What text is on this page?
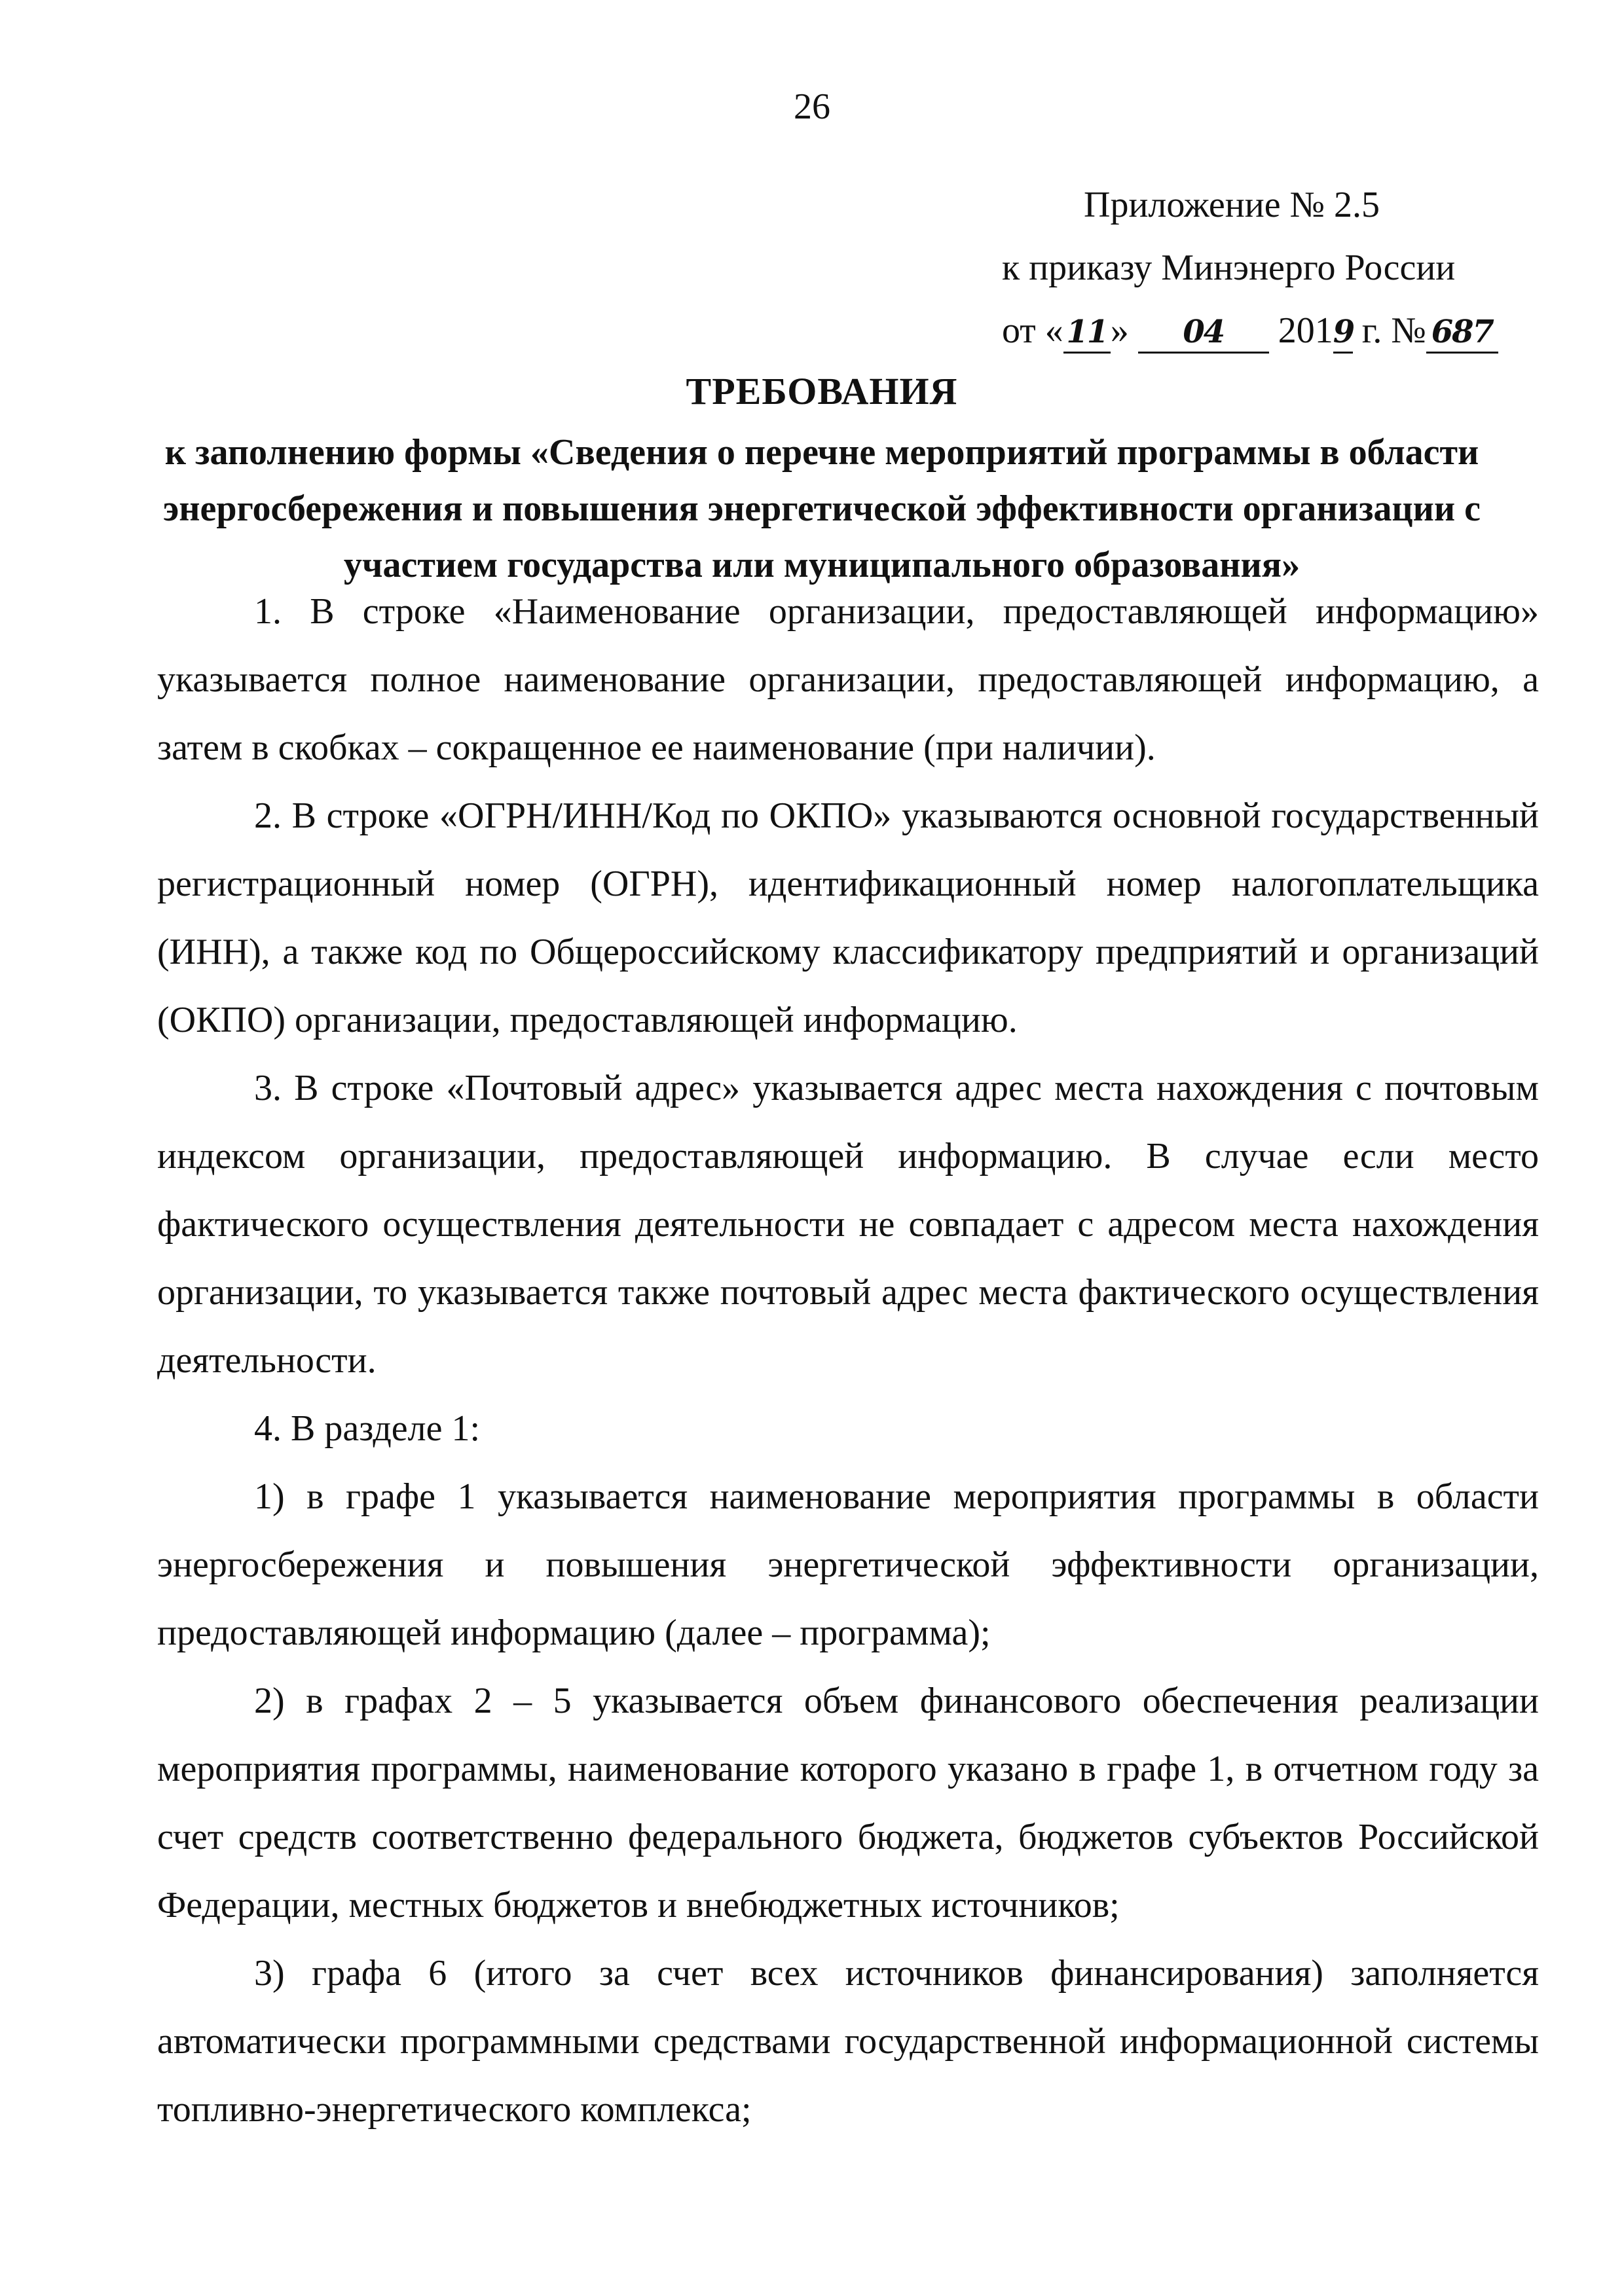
26
Приложение № 2.5
к приказу Минэнерго России
от «11» 04 2019 г. № 687
ТРЕБОВАНИЯ
к заполнению формы «Сведения о перечне мероприятий программы в области энергосбережения и повышения энергетической эффективности организации с участием государства или муниципального образования»

1. В строке «Наименование организации, предоставляющей информацию» указывается полное наименование организации, предоставляющей информацию, а затем в скобках – сокращенное ее наименование (при наличии).

2. В строке «ОГРН/ИНН/Код по ОКПО» указываются основной государственный регистрационный номер (ОГРН), идентификационный номер налогоплательщика (ИНН), а также код по Общероссийскому классификатору предприятий и организаций (ОКПО) организации, предоставляющей информацию.

3. В строке «Почтовый адрес» указывается адрес места нахождения с почтовым индексом организации, предоставляющей информацию. В случае если место фактического осуществления деятельности не совпадает с адресом места нахождения организации, то указывается также почтовый адрес места фактического осуществления деятельности.

4. В разделе 1:

1) в графе 1 указывается наименование мероприятия программы в области энергосбережения и повышения энергетической эффективности организации, предоставляющей информацию (далее – программа);

2) в графах 2 – 5 указывается объем финансового обеспечения реализации мероприятия программы, наименование которого указано в графе 1, в отчетном году за счет средств соответственно федерального бюджета, бюджетов субъектов Российской Федерации, местных бюджетов и внебюджетных источников;

3) графа 6 (итого за счет всех источников финансирования) заполняется автоматически программными средствами государственной информационной системы топливно-энергетического комплекса;
